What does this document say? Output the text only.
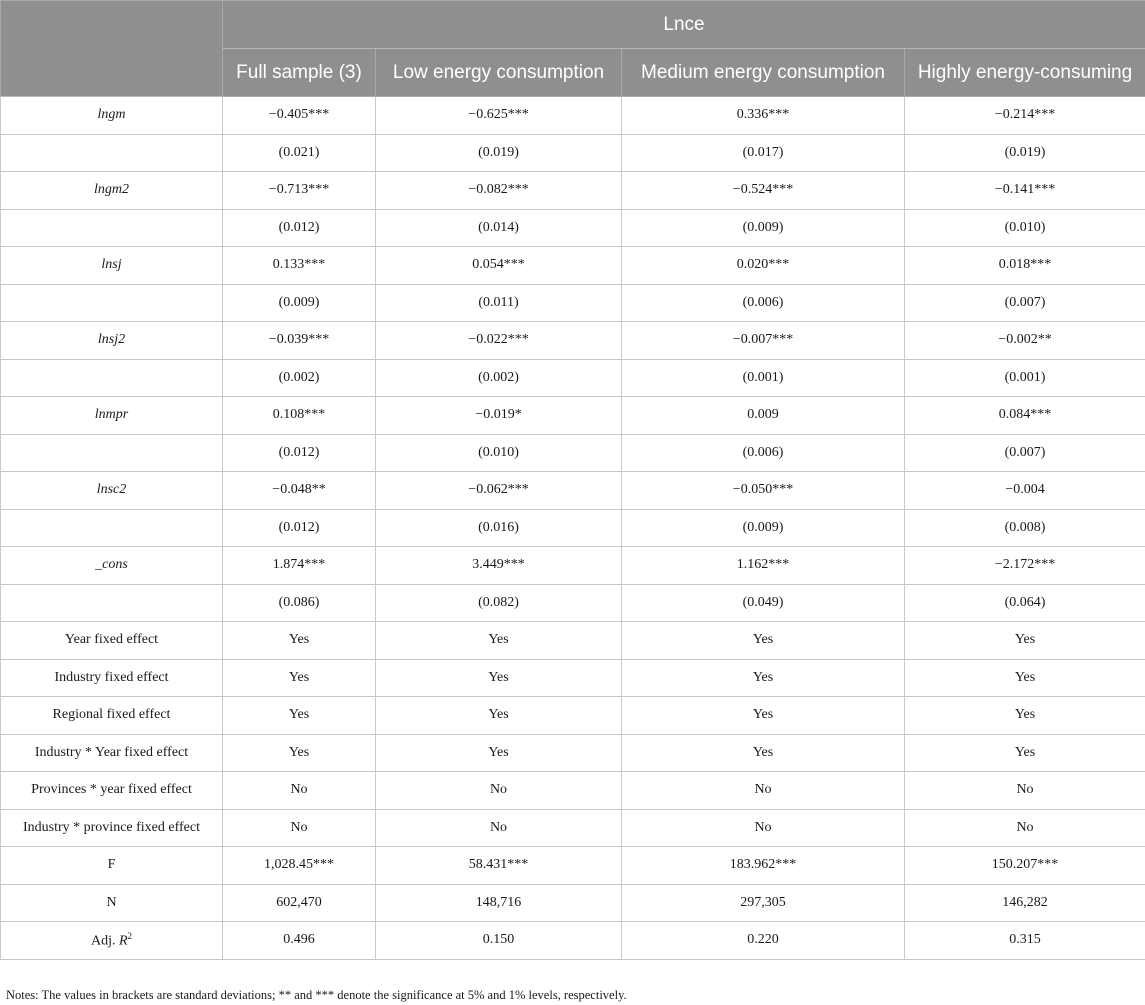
	Lnce			
	Full sample (3)	Low energy consumption	Medium energy consumption	Highly energy-consuming
lngm	−0.405***	−0.625***	0.336***	−0.214***
	(0.021)	(0.019)	(0.017)	(0.019)
lngm2	−0.713***	−0.082***	−0.524***	−0.141***
	(0.012)	(0.014)	(0.009)	(0.010)
lnsj	0.133***	0.054***	0.020***	0.018***
	(0.009)	(0.011)	(0.006)	(0.007)
lnsj2	−0.039***	−0.022***	−0.007***	−0.002**
	(0.002)	(0.002)	(0.001)	(0.001)
lnmpr	0.108***	−0.019*	0.009	0.084***
	(0.012)	(0.010)	(0.006)	(0.007)
lnsc2	−0.048**	−0.062***	−0.050***	−0.004
	(0.012)	(0.016)	(0.009)	(0.008)
_cons	1.874***	3.449***	1.162***	−2.172***
	(0.086)	(0.082)	(0.049)	(0.064)
Year fixed effect	Yes	Yes	Yes	Yes
Industry fixed effect	Yes	Yes	Yes	Yes
Regional fixed effect	Yes	Yes	Yes	Yes
Industry * Year fixed effect	Yes	Yes	Yes	Yes
Provinces * year fixed effect	No	No	No	No
Industry * province fixed effect	No	No	No	No
F	1,028.45***	58.431***	183.962***	150.207***
N	602,470	148,716	297,305	146,282
Adj. $R^2$	0.496	0.150	0.220	0.315
Notes: The values in brackets are standard deviations; ** and *** denote the significance at 5% and 1% levels, respectively.
